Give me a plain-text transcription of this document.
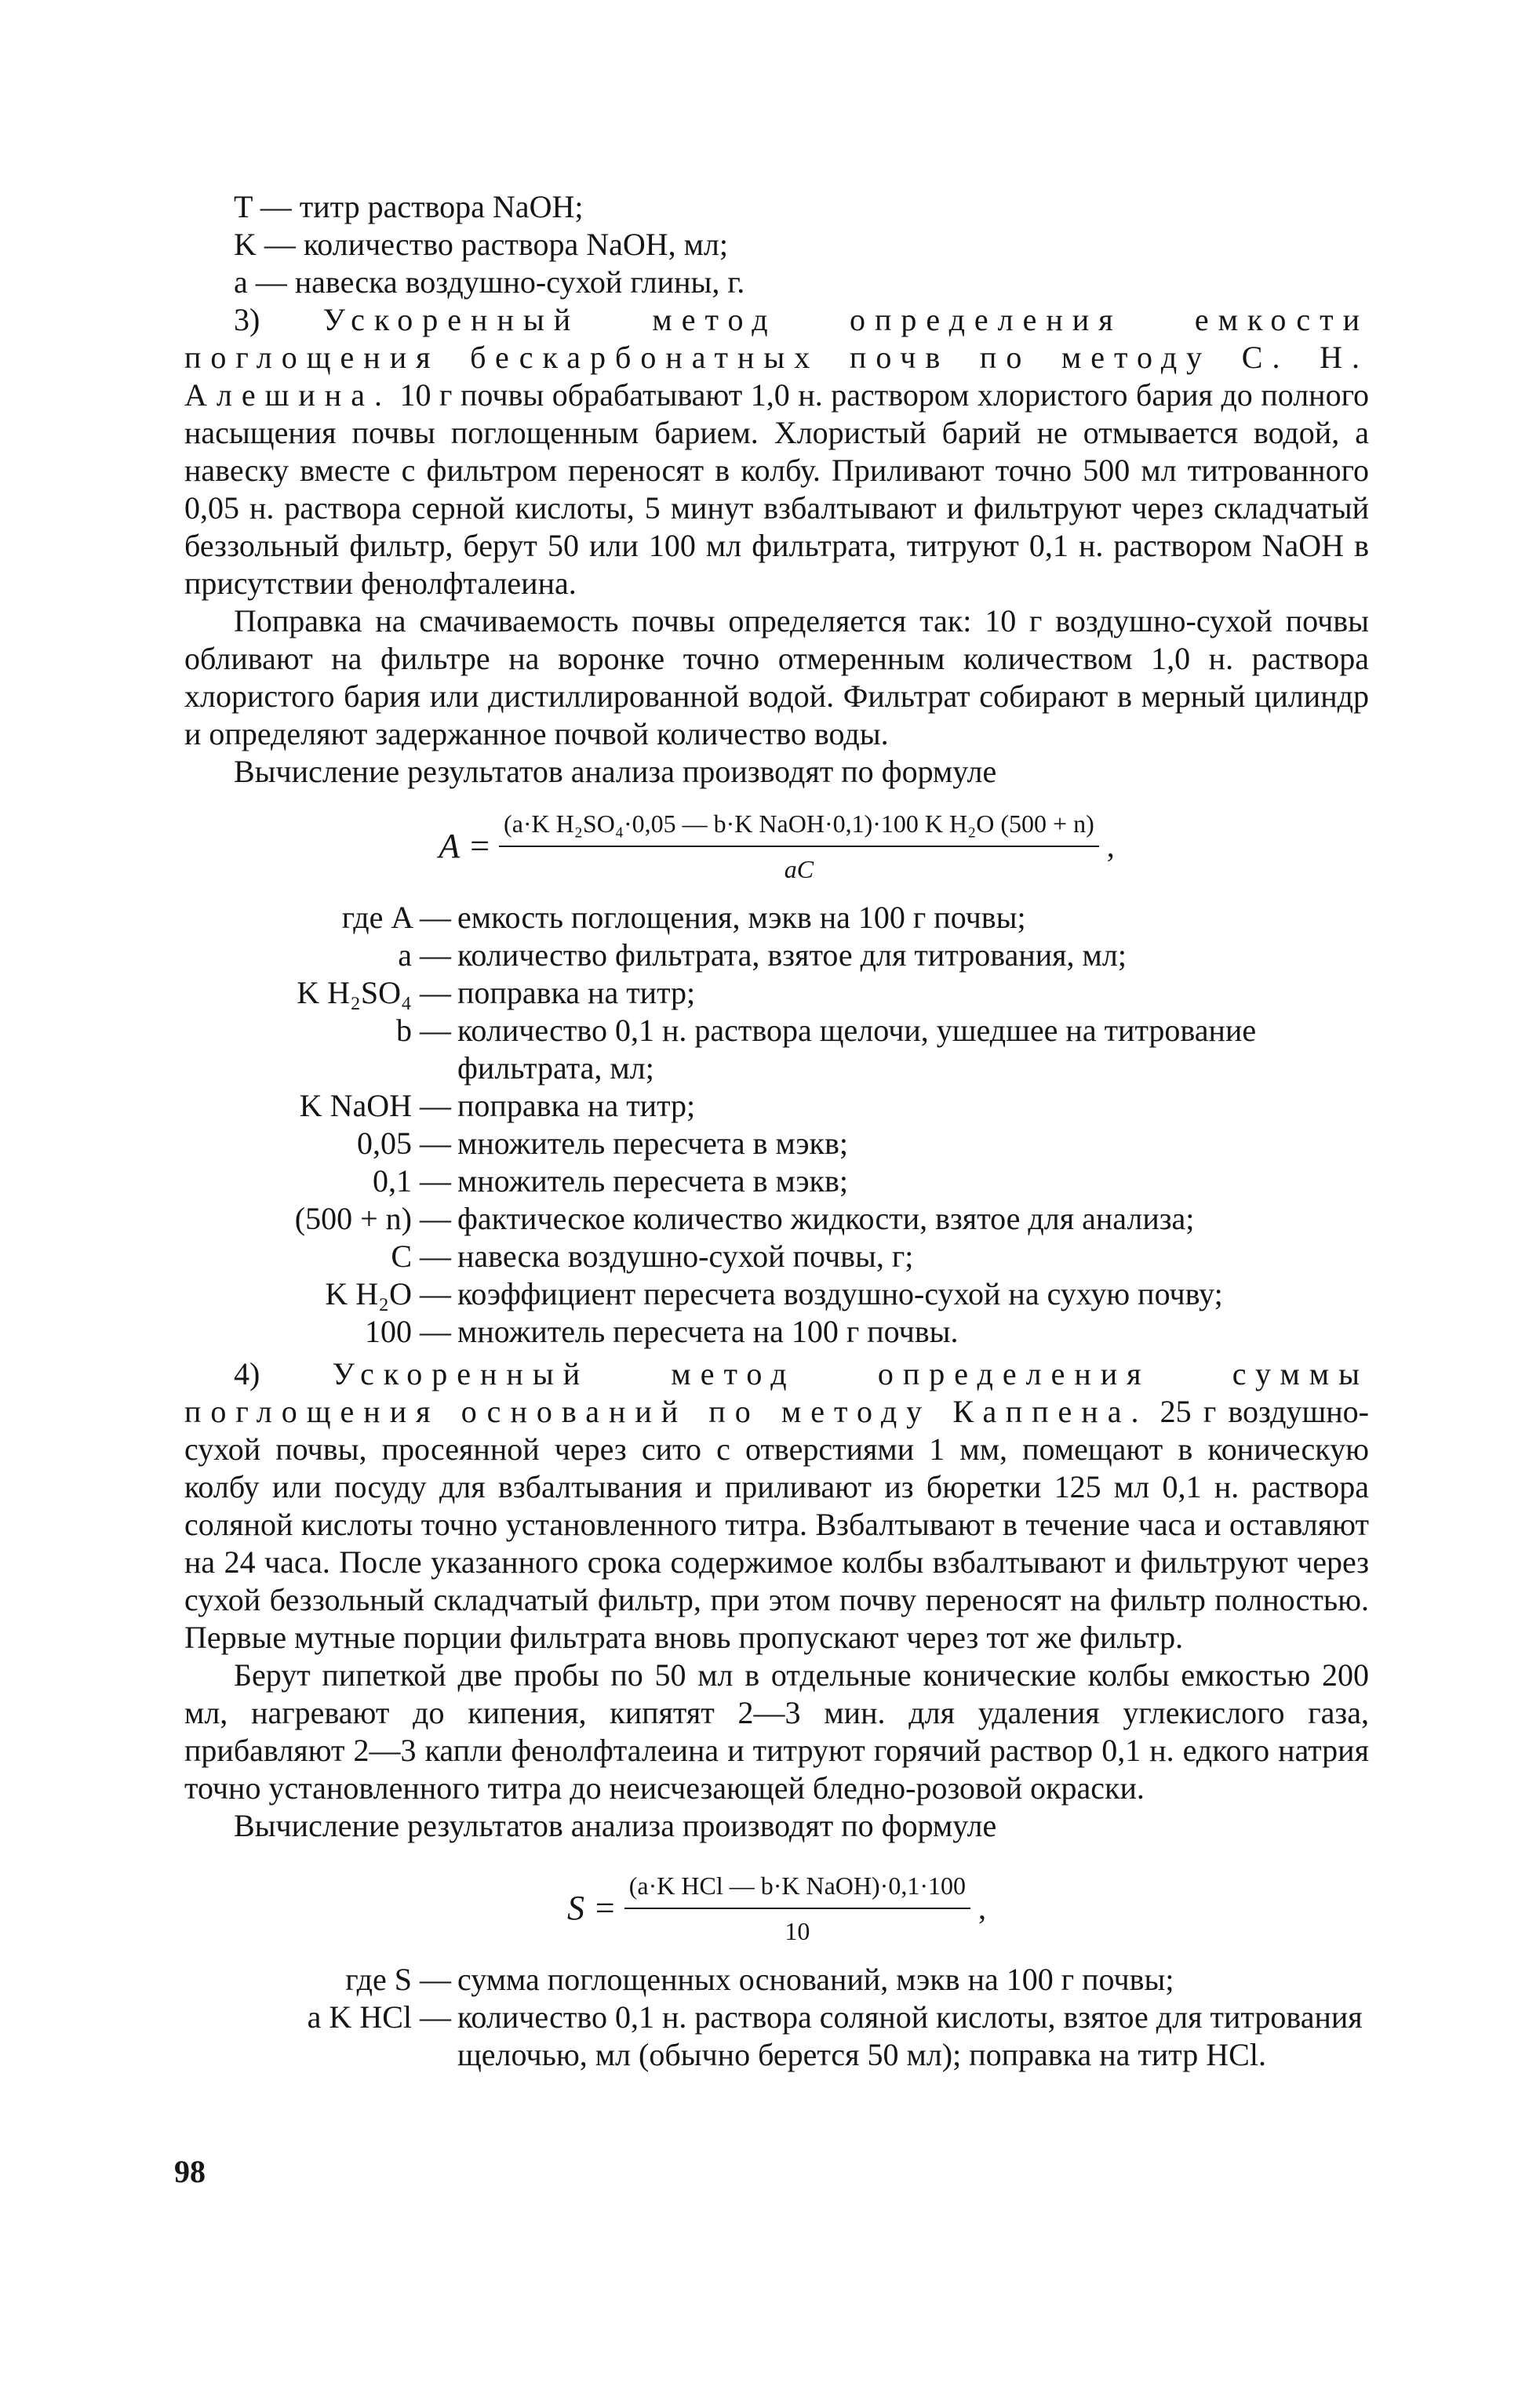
T — титр раствора NaOH;

K — количество раствора NaOH, мл;

a — навеска воздушно-сухой глины, г.

3) Ускоренный метод определения емкости поглощения бескарбонатных почв по методу С. Н. Алешина. 10 г почвы обрабатывают 1,0 н. раствором хлористого бария до полного насыщения почвы поглощенным барием. Хлористый барий не отмывается водой, а навеску вместе с фильтром переносят в колбу. Приливают точно 500 мл титрованного 0,05 н. раствора серной кислоты, 5 минут взбалтывают и фильтруют через складчатый беззольный фильтр, берут 50 или 100 мл фильтрата, титруют 0,1 н. раствором NaOH в присутствии фенолфталеина.

Поправка на смачиваемость почвы определяется так: 10 г воздушно-сухой почвы обливают на фильтре на воронке точно отмеренным количеством 1,0 н. раствора хлористого бария или дистиллированной водой. Фильтрат собирают в мерный цилиндр и определяют задержанное почвой количество воды.

Вычисление результатов анализа производят по формуле

$A = \frac{\text{(a·K H₂SO₄·0,05 — b·K NaOH·0,1)·100 K H₂O (500 + n)}}{aC}$ ,
где A — емкость поглощения, мэкв на 100 г почвы;
a — количество фильтрата, взятое для титрования, мл;
K H₂SO₄ — поправка на титр;
b — количество 0,1 н. раствора щелочи, ушедшее на титрование фильтрата, мл;
K NaOH — поправка на титр;
0,05 — множитель пересчета в мэкв;
0,1 — множитель пересчета в мэкв;
(500 + n) — фактическое количество жидкости, взятое для анализа;
C — навеска воздушно-сухой почвы, г;
K H₂O — коэффициент пересчета воздушно-сухой на сухую почву;
100 — множитель пересчета на 100 г почвы.

4) Ускоренный метод определения суммы поглощения оснований по методу Каппена. 25 г воздушно-сухой почвы, просеянной через сито с отверстиями 1 мм, помещают в коническую колбу или посуду для взбалтывания и приливают из бюретки 125 мл 0,1 н. раствора соляной кислоты точно установленного титра. Взбалтывают в течение часа и оставляют на 24 часа. После указанного срока содержимое колбы взбалтывают и фильтруют через сухой беззольный складчатый фильтр, при этом почву переносят на фильтр полностью. Первые мутные порции фильтрата вновь пропускают через тот же фильтр.

Берут пипеткой две пробы по 50 мл в отдельные конические колбы емкостью 200 мл, нагревают до кипения, кипятят 2—3 мин. для удаления углекислого газа, прибавляют 2—3 капли фенолфталеина и титруют горячий раствор 0,1 н. едкого натрия точно установленного титра до неисчезающей бледно-розовой окраски.

Вычисление результатов анализа производят по формуле

$S = \frac{\text{(a·K HCl — b·K NaOH)·0,1·100}}{10}$ ,
где S — сумма поглощенных оснований, мэкв на 100 г почвы;
a K HCl — количество 0,1 н. раствора соляной кислоты, взятое для титрования щелочью, мл (обычно берется 50 мл); поправка на титр HCl.
98
